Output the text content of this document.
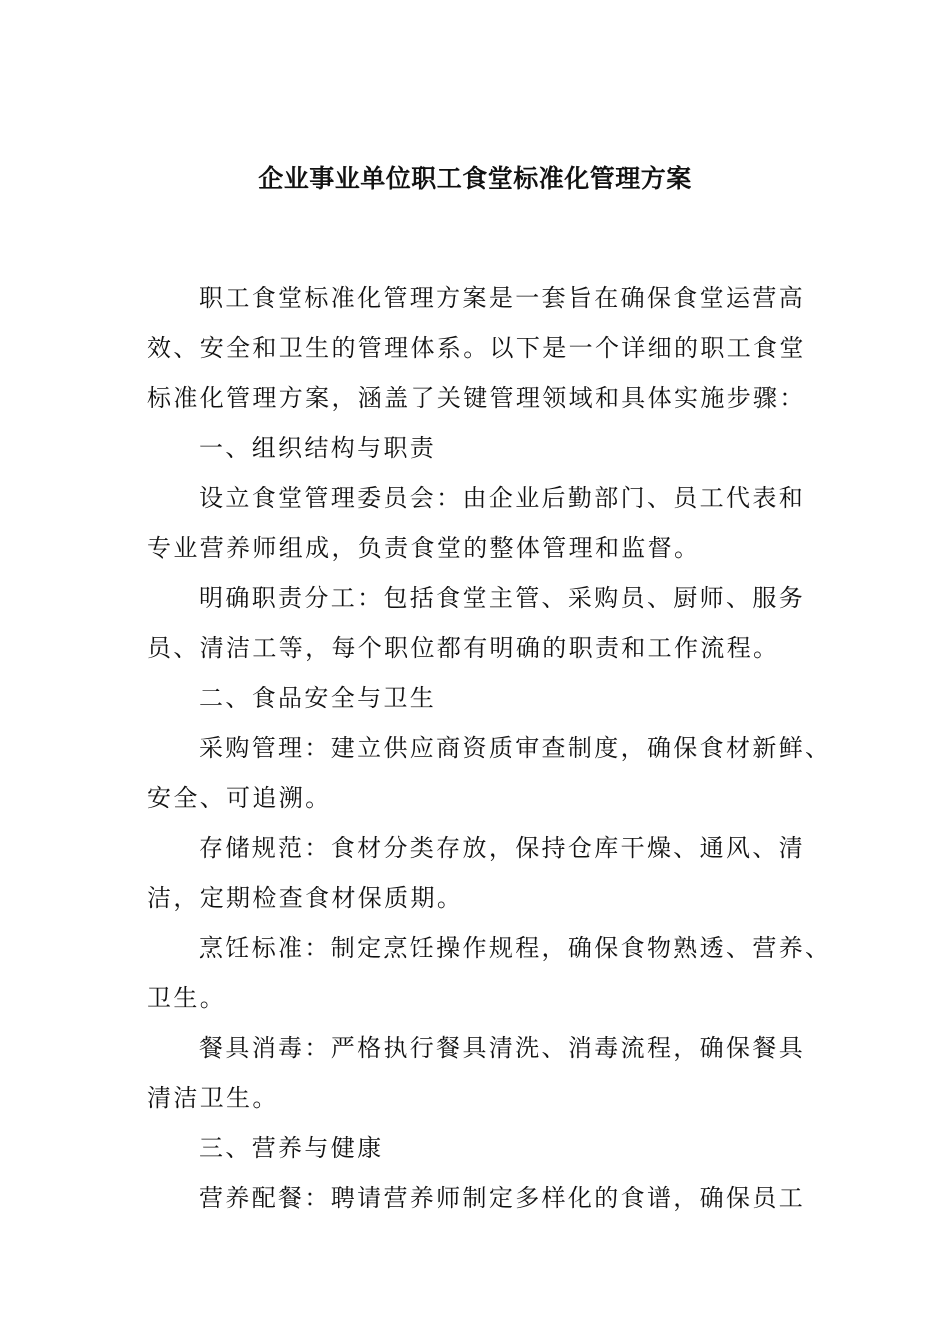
企业事业单位职工食堂标准化管理方案

职工食堂标准化管理方案是一套旨在确保食堂运营高
效、安全和卫生的管理体系。以下是一个详细的职工食堂
标准化管理方案，涵盖了关键管理领域和具体实施步骤：

一、组织结构与职责

设立食堂管理委员会：由企业后勤部门、员工代表和
专业营养师组成，负责食堂的整体管理和监督。

明确职责分工：包括食堂主管、采购员、厨师、服务
员、清洁工等，每个职位都有明确的职责和工作流程。

二、食品安全与卫生

采购管理：建立供应商资质审查制度，确保食材新鲜、
安全、可追溯。

存储规范：食材分类存放，保持仓库干燥、通风、清
洁，定期检查食材保质期。

烹饪标准：制定烹饪操作规程，确保食物熟透、营养、
卫生。

餐具消毒：严格执行餐具清洗、消毒流程，确保餐具
清洁卫生。

三、营养与健康

营养配餐：聘请营养师制定多样化的食谱，确保员工
